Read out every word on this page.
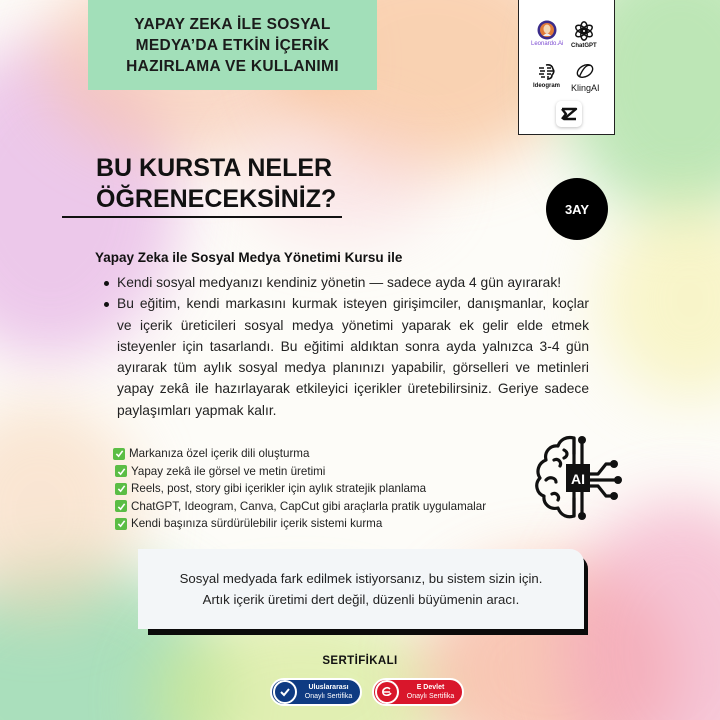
YAPAY ZEKA İLE SOSYAL
MEDYA’DA ETKİN İÇERİK
HAZIRLAMA VE KULLANIMI
Leonardo.Ai ChatGPT
Ideogram KlingAI
BU KURSTA NELER
ÖĞRENECEKSİNİZ?	3AY
Yapay Zeka ile Sosyal Medya Yönetimi Kursu ile
Kendi sosyal medyanızı kendiniz yönetin — sadece ayda 4 gün ayırarak!
Bu eğitim, kendi markasını kurmak isteyen girişimciler, danışmanlar, koçlar ve içerik üreticileri sosyal medya yönetimi yaparak ek gelir elde etmek isteyenler için tasarlandı. Bu eğitimi aldıktan sonra ayda yalnızca 3-4 gün ayırarak tüm aylık sosyal medya planınızı yapabilir, görselleri ve metinleri yapay zekâ ile hazırlayarak etkileyici içerikler üretebilirsiniz. Geriye sadece paylaşımları yapmak kalır.
Markanıza özel içerik dili oluşturma
Yapay zekâ ile görsel ve metin üretimi
Reels, post, story gibi içerikler için aylık stratejik planlama
ChatGPT, Ideogram, Canva, CapCut gibi araçlarla pratik uygulamalar
Kendi başınıza sürdürülebilir içerik sistemi kurma
AI
Sosyal medyada fark edilmek istiyorsanız, bu sistem sizin için.
Artık içerik üretimi dert değil, düzenli büyümenin aracı.
SERTİFİKALI
Uluslararası
Onaylı Sertifika
E Devlet
Onaylı Sertifika
